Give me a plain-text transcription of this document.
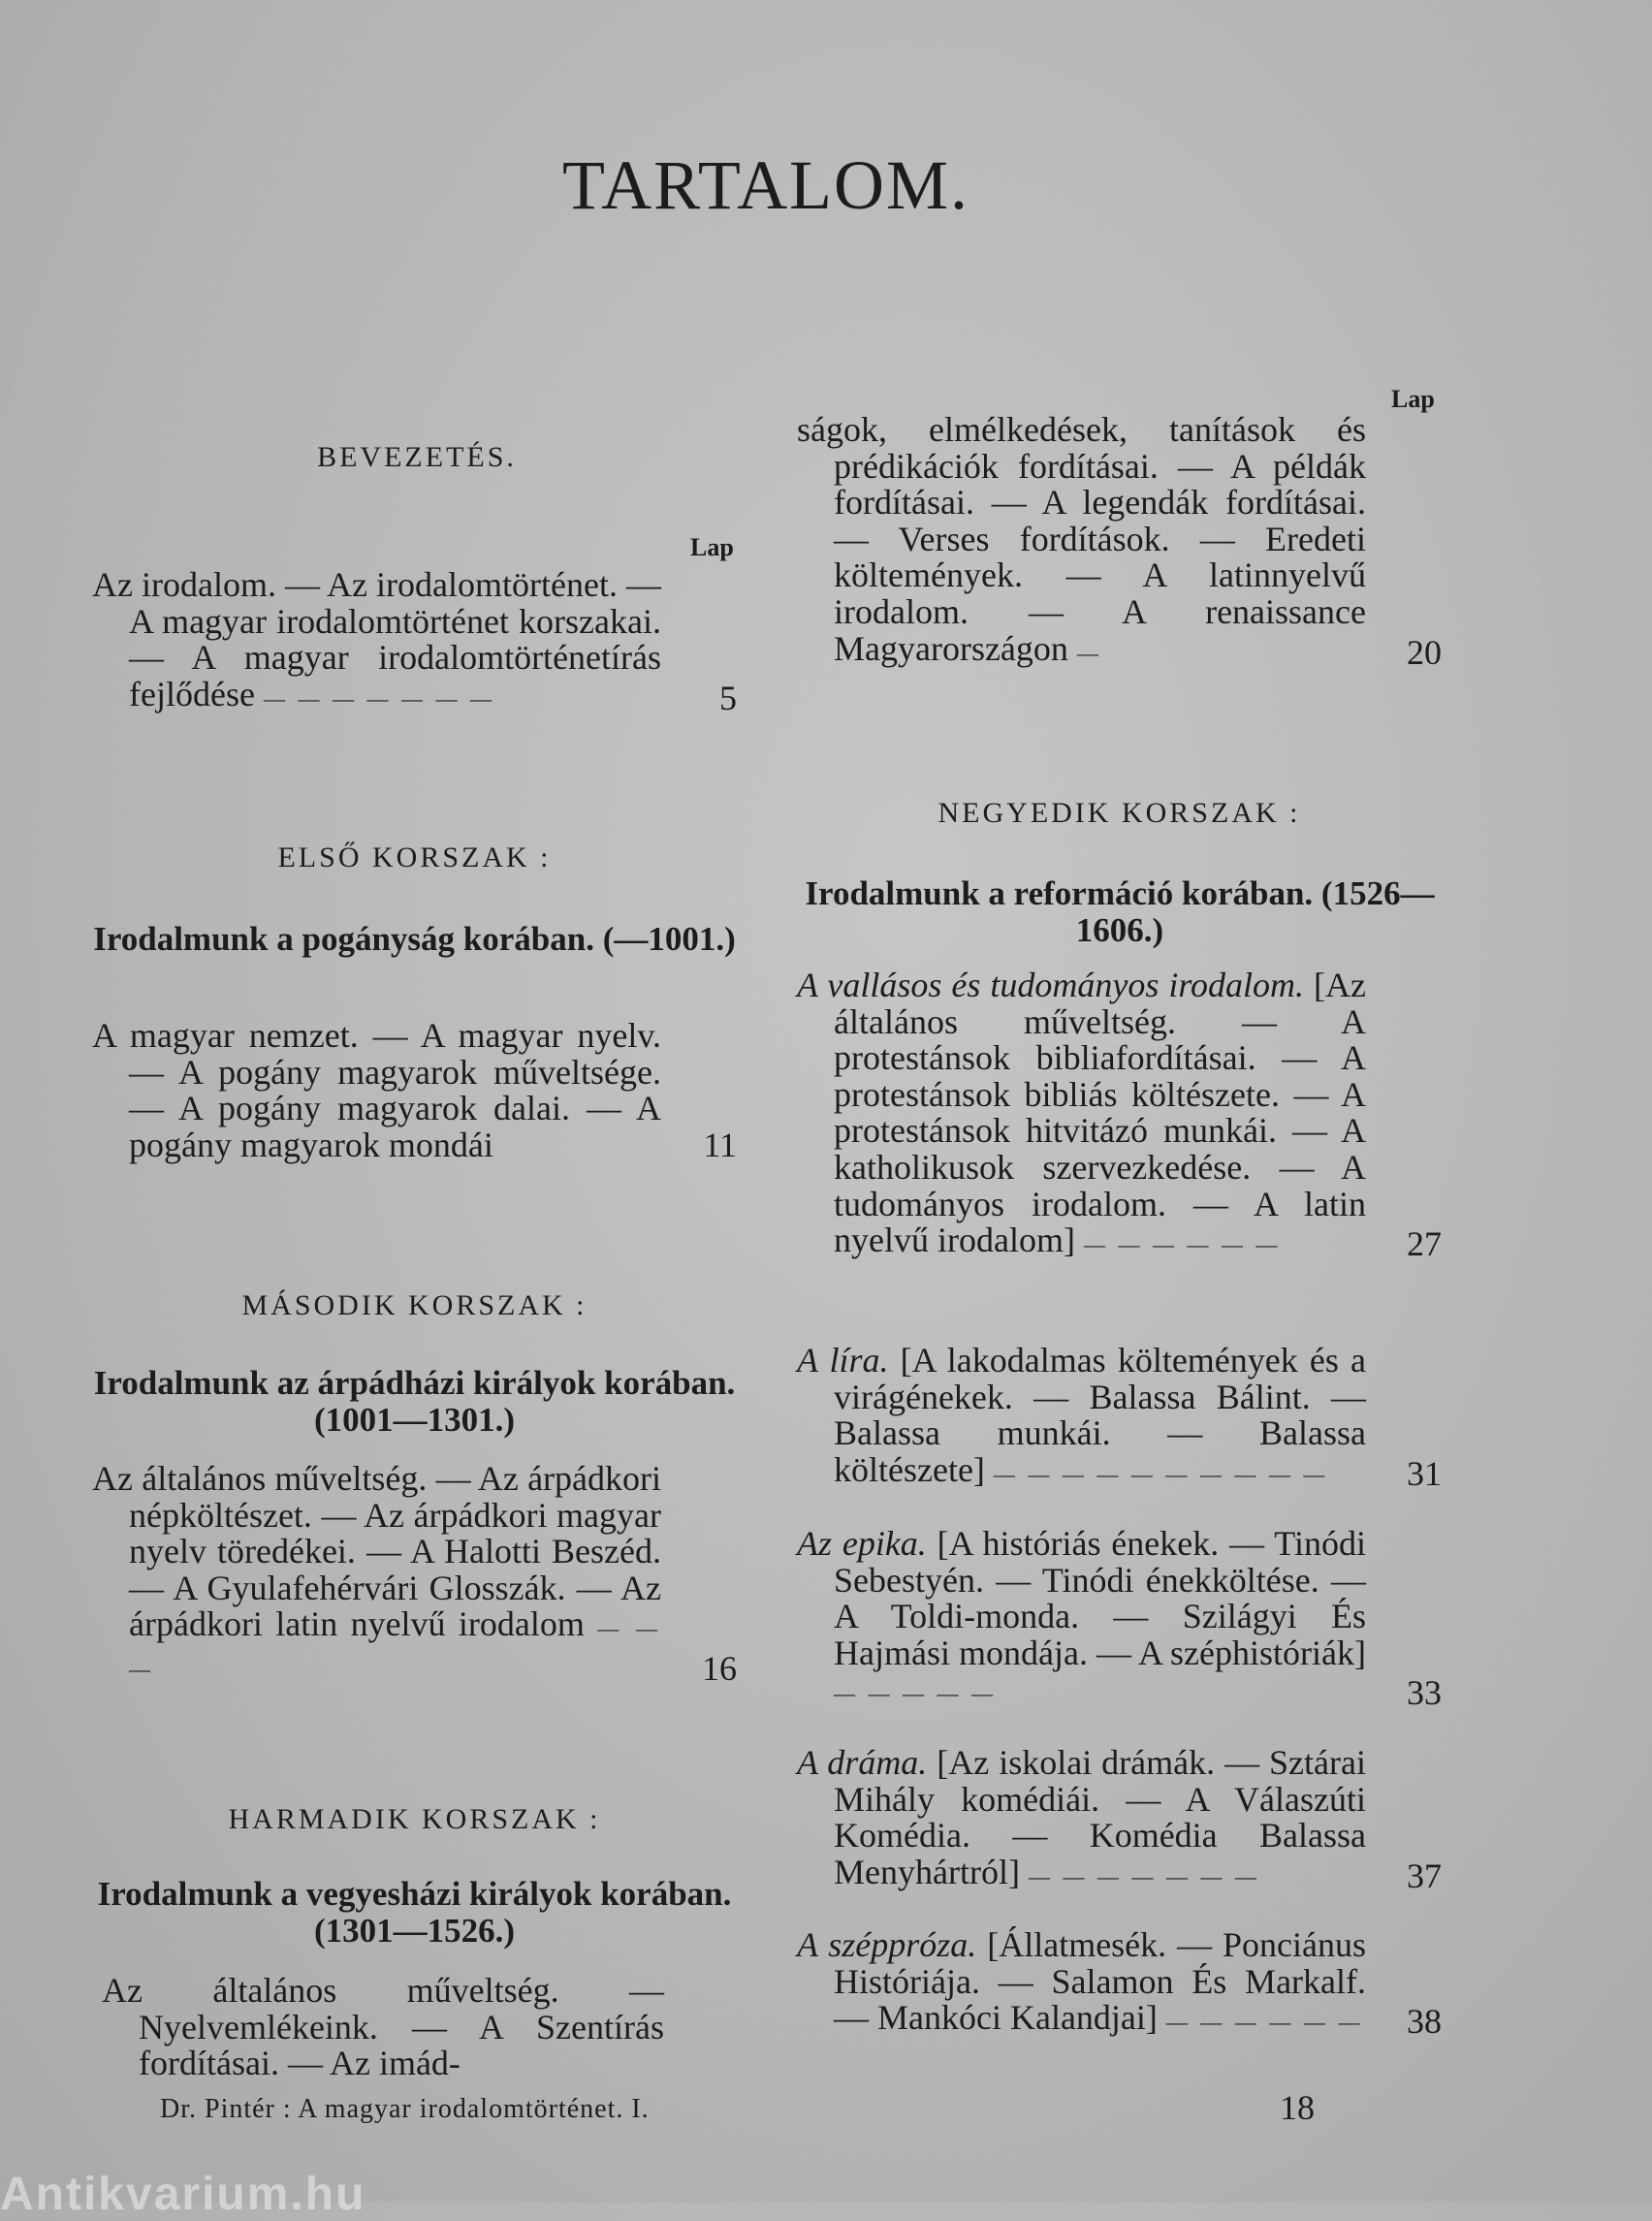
TARTALOM.
BEVEZETÉS.
Lap
Az irodalom. — Az irodalomtörténet. — A magyar irodalomtörténet korszakai. — A magyar irodalomtörténetírás fejlődése — — — — — — —	5
ELSŐ KORSZAK :
Irodalmunk a pogányság korában. (—1001.)
A magyar nemzet. — A magyar nyelv. — A pogány magyarok műveltsége. — A pogány magyarok dalai. — A pogány magyarok mondái	11
MÁSODIK KORSZAK :
Irodalmunk az árpádházi királyok korában. (1001—1301.)
Az általános műveltség. — Az árpádkori népköltészet. — Az árpádkori magyar nyelv töredékei. — A Halotti Beszéd. — A Gyulafehérvári Glosszák. — Az árpádkori latin nyelvű irodalom — — —	16
HARMADIK KORSZAK :
Irodalmunk a vegyesházi királyok korában. (1301—1526.)
Az általános műveltség. — Nyelvemlékeink. — A Szentírás fordításai. — Az imád-
Lap
ságok, elmélkedések, tanítások és prédikációk fordításai. — A példák fordításai. — A legendák fordításai. — Verses fordítások. — Eredeti költemények. — A latinnyelvű irodalom. — A renaissance Magyarországon —	20
NEGYEDIK KORSZAK :
Irodalmunk a reformáció korában. (1526—1606.)
A vallásos és tudományos irodalom. [Az általános műveltség. — A protestánsok bibliafordításai. — A protestánsok bibliás költészete. — A protestánsok hitvitázó munkái. — A katholikusok szervezkedése. — A tudományos irodalom. — A latin nyelvű irodalom] — — — — — —	27
A líra. [A lakodalmas költemények és a virágénekek. — Balassa Bálint. — Balassa munkái. — Balassa költészete] — — — — — — — — — —	31
Az epika. [A históriás énekek. — Tinódi Sebestyén. — Tinódi énekköltése. — A Toldi-monda. — Szilágyi És Hajmási mondája. — A széphistóriák] — — — — —	33
A dráma. [Az iskolai drámák. — Sztárai Mihály komédiái. — A Válaszúti Komédia. — Komédia Balassa Menyhártról] — — — — — — —	37
A széppróza. [Állatmesék. — Ponciánus Históriája. — Salamon És Markalf. — Mankóci Kalandjai] — — — — — —	38
Dr. Pintér : A magyar irodalomtörténet. I.	18
Antikvarium.hu
